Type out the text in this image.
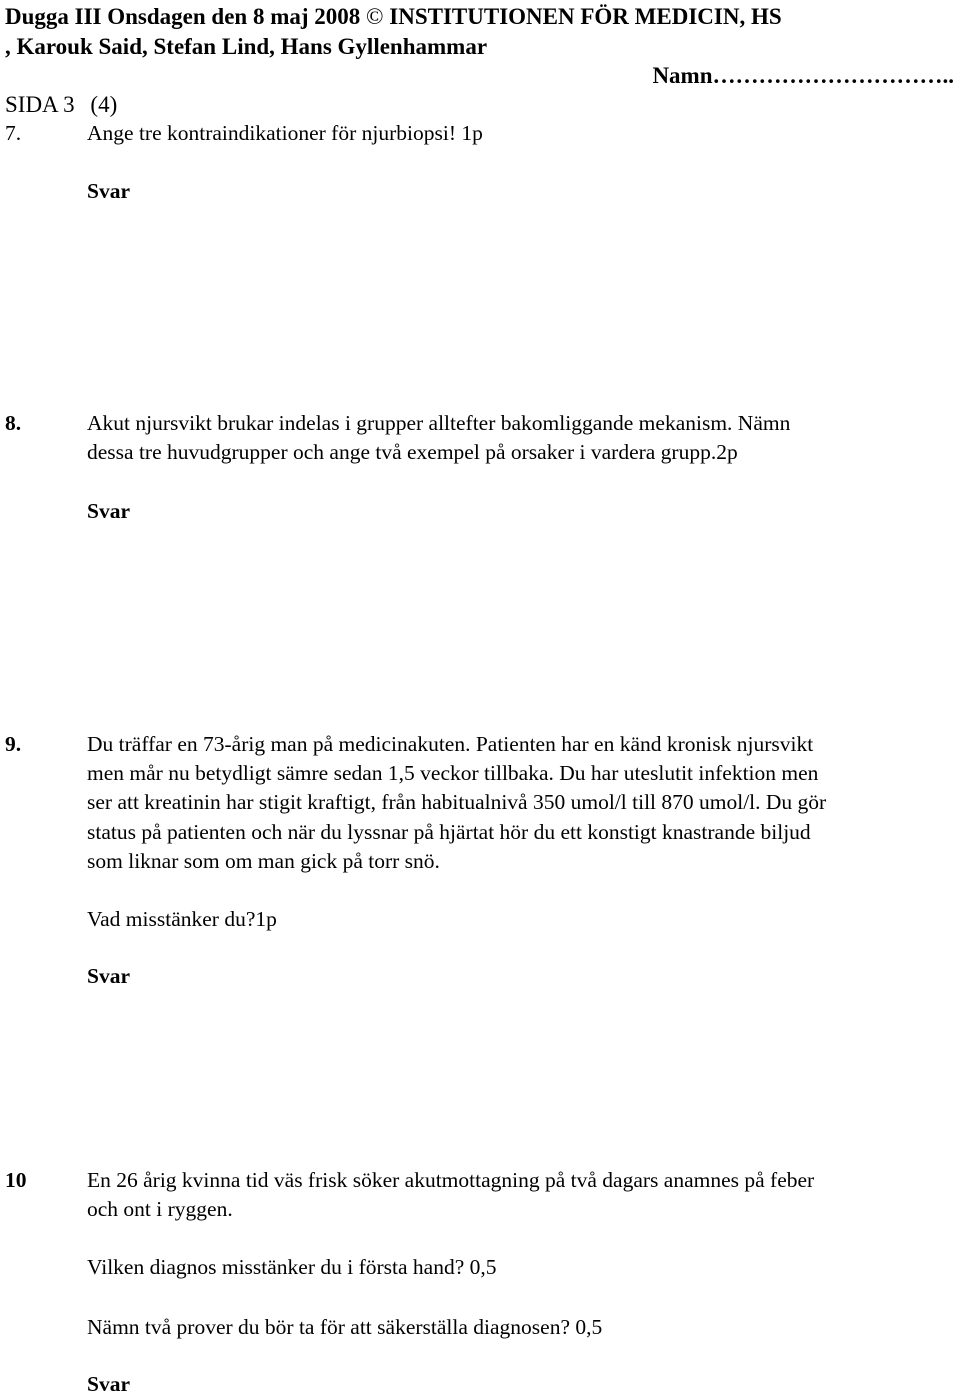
Dugga III Onsdagen den 8 maj 2008 © INSTITUTIONEN FÖR MEDICIN, HS
, Karouk Said, Stefan Lind, Hans Gyllenhammar
Namn…………………………..
SIDA 3 (4)
7.	Ange tre kontraindikationer för njurbiopsi! 1p
Svar
8.	Akut njursvikt brukar indelas i grupper alltefter bakomliggande mekanism. Nämn
dessa tre huvudgrupper och ange två exempel på orsaker i vardera grupp.2p
Svar
9.	Du träffar en 73-årig man på medicinakuten. Patienten har en känd kronisk njursvikt
men mår nu betydligt sämre sedan 1,5 veckor tillbaka. Du har uteslutit infektion men
ser att kreatinin har stigit kraftigt, från habitualnivå 350 umol/l till 870 umol/l. Du gör
status på patienten och när du lyssnar på hjärtat hör du ett konstigt knastrande biljud
som liknar som om man gick på torr snö.
Vad misstänker du?1p
Svar
10	En 26 årig kvinna tid väs frisk söker akutmottagning på två dagars anamnes på feber
och ont i ryggen.
Vilken diagnos misstänker du i första hand? 0,5
Nämn två prover du bör ta för att säkerställa diagnosen? 0,5
Svar
